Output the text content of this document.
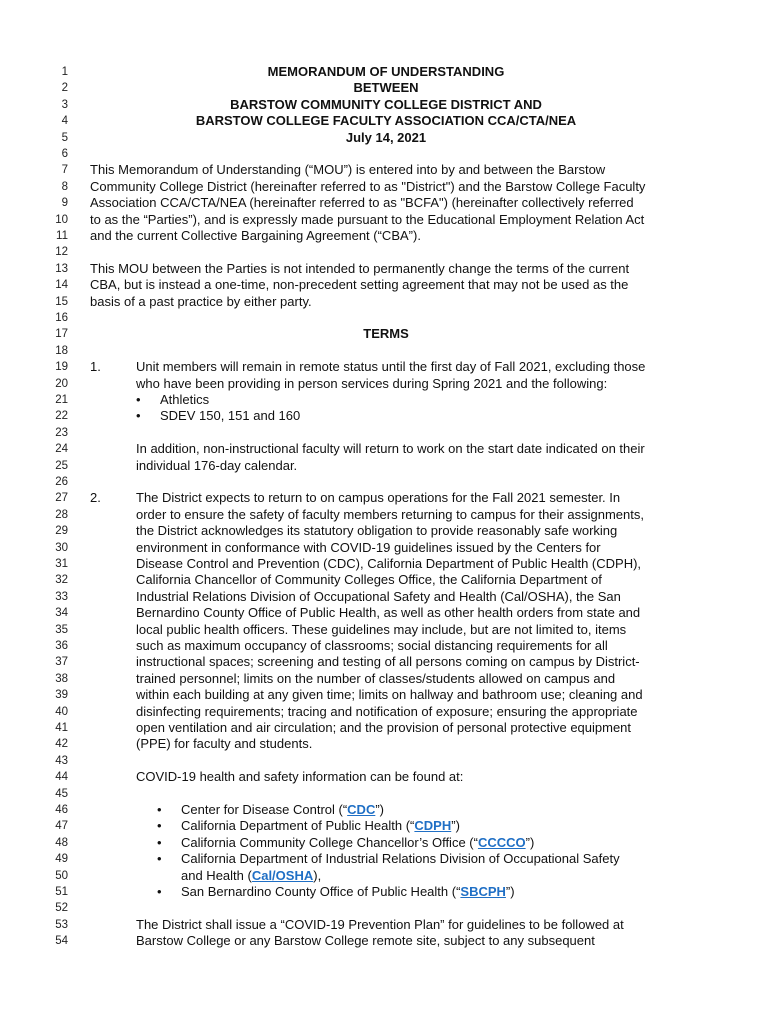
1
2
3
4
5
6
7
8
9
10
11
12
13
14
15
16
17
18
19
20
21
22
23
24
25
26
27
28
29
30
31
32
33
34
35
36
37
38
39
40
41
42
43
44
45
46
47
48
49
50
51
52
53
54
MEMORANDUM OF UNDERSTANDING
BETWEEN
BARSTOW COMMUNITY COLLEGE DISTRICT AND
BARSTOW COLLEGE FACULTY ASSOCIATION CCA/CTA/NEA
July 14, 2021
This Memorandum of Understanding (“MOU”) is entered into by and between the Barstow
Community College District (hereinafter referred to as "District") and the Barstow College Faculty
Association CCA/CTA/NEA (hereinafter referred to as "BCFA") (hereinafter collectively referred
to as the “Parties”), and is expressly made pursuant to the Educational Employment Relation Act
and the current Collective Bargaining Agreement (“CBA”).
This MOU between the Parties is not intended to permanently change the terms of the current
CBA, but is instead a one-time, non-precedent setting agreement that may not be used as the
basis of a past practice by either party.
TERMS
1.	Unit members will remain in remote status until the first day of Fall 2021, excluding those
who have been providing in person services during Spring 2021 and the following:
• Athletics
• SDEV 150, 151 and 160
In addition, non-instructional faculty will return to work on the start date indicated on their
individual 176-day calendar.
2.	The District expects to return to on campus operations for the Fall 2021 semester. In
order to ensure the safety of faculty members returning to campus for their assignments,
the District acknowledges its statutory obligation to provide reasonably safe working
environment in conformance with COVID-19 guidelines issued by the Centers for
Disease Control and Prevention (CDC), California Department of Public Health (CDPH),
California Chancellor of Community Colleges Office, the California Department of
Industrial Relations Division of Occupational Safety and Health (Cal/OSHA), the San
Bernardino County Office of Public Health, as well as other health orders from state and
local public health officers. These guidelines may include, but are not limited to, items
such as maximum occupancy of classrooms; social distancing requirements for all
instructional spaces; screening and testing of all persons coming on campus by District-
trained personnel; limits on the number of classes/students allowed on campus and
within each building at any given time; limits on hallway and bathroom use; cleaning and
disinfecting requirements; tracing and notification of exposure; ensuring the appropriate
open ventilation and air circulation; and the provision of personal protective equipment
(PPE) for faculty and students.
COVID-19 health and safety information can be found at:
• Center for Disease Control (“CDC”)
• California Department of Public Health (“CDPH”)
• California Community College Chancellor’s Office (“CCCCO”)
• California Department of Industrial Relations Division of Occupational Safety
and Health (Cal/OSHA),
• San Bernardino County Office of Public Health (“SBCPH”)
The District shall issue a “COVID-19 Prevention Plan” for guidelines to be followed at
Barstow College or any Barstow College remote site, subject to any subsequent
